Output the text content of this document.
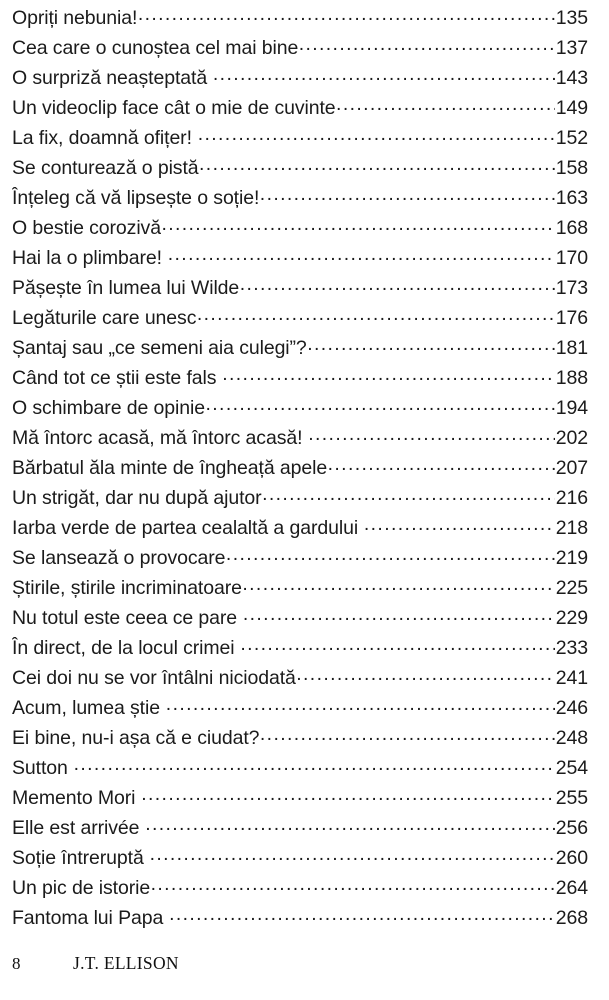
Opriți nebunia! .....	135
Cea care o cunoștea cel mai bine .....	137
O surpriză neașteptată .....	143
Un videoclip face cât o mie de cuvinte .....	149
La fix, doamnă ofițer! .....	152
Se conturează o pistă .....	158
Înțeleg că vă lipsește o soție! .....	163
O bestie corozivă .....	168
Hai la o plimbare! .....	170
Pășește în lumea lui Wilde .....	173
Legăturile care unesc .....	176
Șantaj sau „ce semeni aia culegi”? .....	181
Când tot ce știi este fals .....	188
O schimbare de opinie .....	194
Mă întorc acasă, mă întorc acasă! .....	202
Bărbatul ăla minte de îngheață apele .....	207
Un strigăt, dar nu după ajutor .....	216
Iarba verde de partea cealaltă a gardului .....	218
Se lansează o provocare .....	219
Știrile, știrile incriminatoare .....	225
Nu totul este ceea ce pare .....	229
În direct, de la locul crimei .....	233
Cei doi nu se vor întâlni niciodată .....	241
Acum, lumea știe .....	246
Ei bine, nu-i așa că e ciudat? .....	248
Sutton .....	254
Memento Mori .....	255
Elle est arrivée .....	256
Soție întreruptă .....	260
Un pic de istorie .....	264
Fantoma lui Papa .....	268
8	J.T. ELLISON
